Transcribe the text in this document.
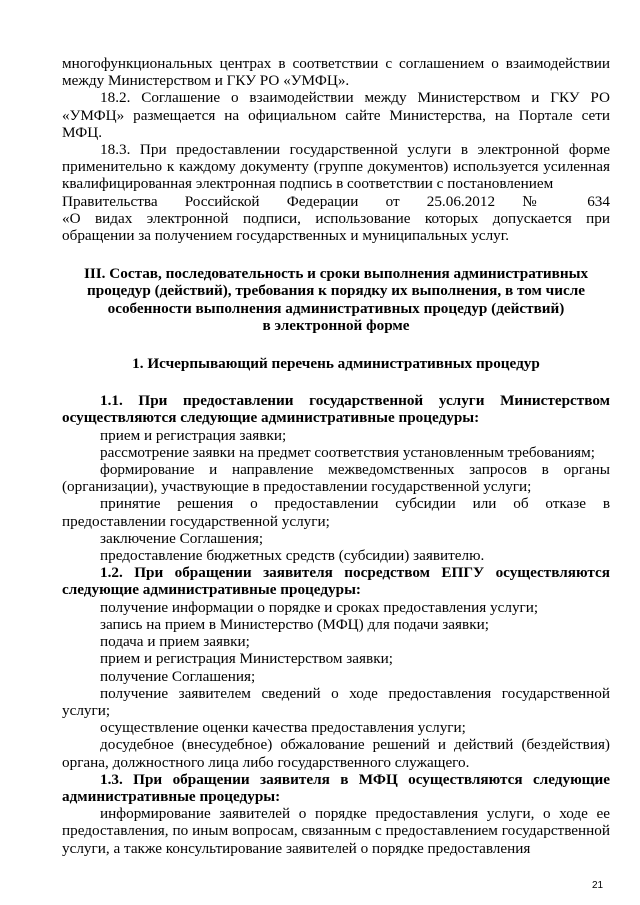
многофункциональных центрах в соответствии с соглашением о взаимодействии между Министерством и ГКУ РО «УМФЦ».

18.2. Соглашение о взаимодействии между Министерством и ГКУ РО «УМФЦ» размещается на официальном сайте Министерства, на Портале сети МФЦ.

18.3. При предоставлении государственной услуги в электронной форме применительно к каждому документу (группе документов) используется усиленная квалифицированная электронная подпись в соответствии с постановлением

Правительства Российской Федерации от 25.06.2012 № 634

«О видах электронной подписи, использование которых допускается при обращении за получением государственных и муниципальных услуг.

III. Состав, последовательность и сроки выполнения административных

процедур (действий), требования к порядку их выполнения, в том числе

особенности выполнения административных процедур (действий)

в электронной форме

1. Исчерпывающий перечень административных процедур

1.1. При предоставлении государственной услуги Министерством осуществляются следующие административные процедуры:

прием и регистрация заявки;

рассмотрение заявки на предмет соответствия установленным требованиям;

формирование и направление межведомственных запросов в органы (организации), участвующие в предоставлении государственной услуги;

принятие решения о предоставлении субсидии или об отказе в предоставлении государственной услуги;

заключение Соглашения;

предоставление бюджетных средств (субсидии) заявителю.

1.2. При обращении заявителя посредством ЕПГУ осуществляются следующие административные процедуры:

получение информации о порядке и сроках предоставления услуги;

запись на прием в Министерство (МФЦ) для подачи заявки;

подача и прием заявки;

прием и регистрация Министерством заявки;

получение Соглашения;

получение заявителем сведений о ходе предоставления государственной услуги;

осуществление оценки качества предоставления услуги;

досудебное (внесудебное) обжалование решений и действий (бездействия) органа, должностного лица либо государственного служащего.

1.3. При обращении заявителя в МФЦ осуществляются следующие административные процедуры:

информирование заявителей о порядке предоставления услуги, о ходе ее предоставления, по иным вопросам, связанным с предоставлением государственной услуги, а также консультирование заявителей о порядке предоставления

21
